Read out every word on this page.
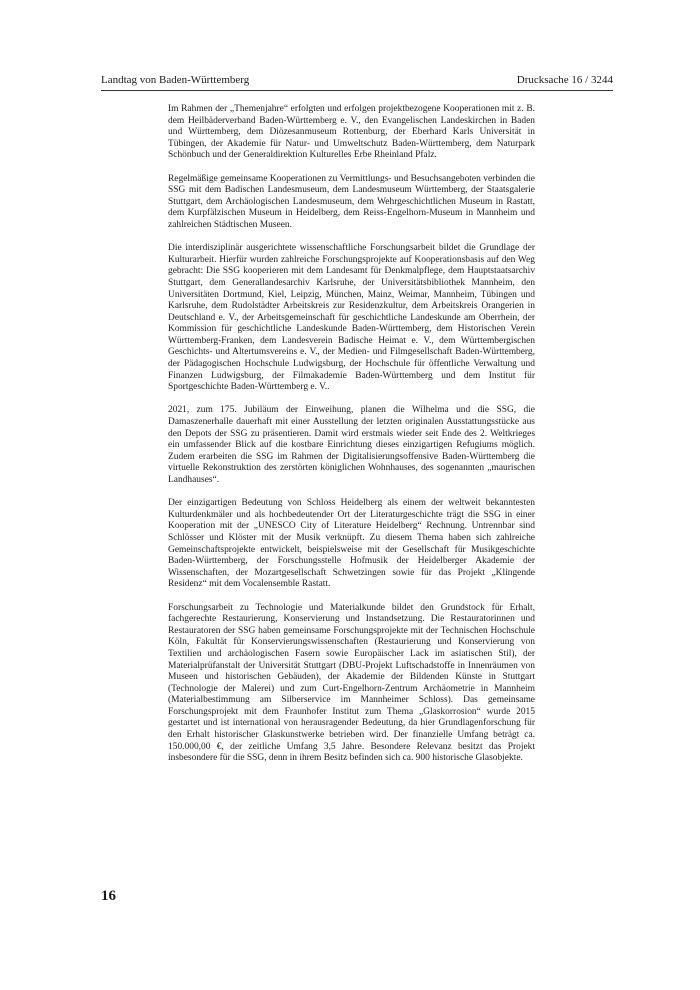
Landtag von Baden-Württemberg	Drucksache 16 / 3244

Im Rahmen der „Themenjahre“ erfolgten und erfolgen projektbezogene Kooperationen mit z. B. dem Heilbäderverband Baden-Württemberg e. V., den Evangelischen Landeskirchen in Baden und Württemberg, dem Diözesanmuseum Rottenburg, der Eberhard Karls Universität in Tübingen, der Akademie für Natur- und Umweltschutz Baden-Württemberg, dem Naturpark Schönbuch und der Generaldirektion Kulturelles Erbe Rheinland Pfalz.

Regelmäßige gemeinsame Kooperationen zu Vermittlungs- und Besuchsangeboten verbinden die SSG mit dem Badischen Landesmuseum, dem Landesmuseum Württemberg, der Staatsgalerie Stuttgart, dem Archäologischen Landesmuseum, dem Wehrgeschichtlichen Museum in Rastatt, dem Kurpfälzischen Museum in Heidelberg, dem Reiss-Engelhorn-Museum in Mannheim und zahlreichen Städtischen Museen.

Die interdisziplinär ausgerichtete wissenschaftliche Forschungsarbeit bildet die Grundlage der Kulturarbeit. Hierfür wurden zahlreiche Forschungsprojekte auf Kooperationsbasis auf den Weg gebracht: Die SSG kooperieren mit dem Landesamt für Denkmalpflege, dem Hauptstaatsarchiv Stuttgart, dem Generallandesarchiv Karlsruhe, der Universitätsbibliothek Mannheim, den Universitäten Dortmund, Kiel, Leipzig, München, Mainz, Weimar, Mannheim, Tübingen und Karlsruhe, dem Rudolstädter Arbeitskreis zur Residenzkultur, dem Arbeitskreis Orangerien in Deutschland e. V., der Arbeitsgemeinschaft für geschichtliche Landeskunde am Oberrhein, der Kommission für geschichtliche Landeskunde Baden-Württemberg, dem Historischen Verein Württemberg-Franken, dem Landesverein Badische Heimat e. V., dem Württembergischen Geschichts- und Altertumsvereins e. V., der Medien- und Filmgesellschaft Baden-Württemberg, der Pädagogischen Hochschule Ludwigsburg, der Hochschule für öffentliche Verwaltung und Finanzen Ludwigsburg, der Filmakademie Baden-Württemberg und dem Institut für Sportgeschichte Baden-Württemberg e. V..

2021, zum 175. Jubiläum der Einweihung, planen die Wilhelma und die SSG, die Damaszenerhalle dauerhaft mit einer Ausstellung der letzten originalen Ausstattungsstücke aus den Depots der SSG zu präsentieren. Damit wird erstmals wieder seit Ende des 2. Weltkrieges ein umfassender Blick auf die kostbare Einrichtung dieses einzigartigen Refugiums möglich. Zudem erarbeiten die SSG im Rahmen der Digitalisierungsoffensive Baden-Württemberg die virtuelle Rekonstruktion des zerstörten königlichen Wohnhauses, des sogenannten „maurischen Landhauses“.

Der einzigartigen Bedeutung von Schloss Heidelberg als einem der weltweit bekanntesten Kulturdenkmäler und als hochbedeutender Ort der Literaturgeschichte trägt die SSG in einer Kooperation mit der „UNESCO City of Literature Heidelberg“ Rechnung. Untrennbar sind Schlösser und Klöster mit der Musik verknüpft. Zu diesem Thema haben sich zahlreiche Gemeinschaftsprojekte entwickelt, beispielsweise mit der Gesellschaft für Musikgeschichte Baden-Württemberg, der Forschungsstelle Hofmusik der Heidelberger Akademie der Wissenschaften, der Mozartgesellschaft Schwetzingen sowie für das Projekt „Klingende Residenz“ mit dem Vocalensemble Rastatt.

Forschungsarbeit zu Technologie und Materialkunde bildet den Grundstock für Erhalt, fachgerechte Restaurierung, Konservierung und Instandsetzung. Die Restauratorinnen und Restauratoren der SSG haben gemeinsame Forschungsprojekte mit der Technischen Hochschule Köln, Fakultät für Konservierungswissenschaften (Restaurierung und Konservierung von Textilien und archäologischen Fasern sowie Europäischer Lack im asiatischen Stil), der Materialprüfanstalt der Universität Stuttgart (DBU-Projekt Luftschadstoffe in Innenräumen von Museen und historischen Gebäuden), der Akademie der Bildenden Künste in Stuttgart (Technologie der Malerei) und zum Curt-Engelhorn-Zentrum Archäometrie in Mannheim (Materialbestimmung am Silberservice im Mannheimer Schloss). Das gemeinsame Forschungsprojekt mit dem Fraunhofer Institut zum Thema „Glaskorrosion“ wurde 2015 gestartet und ist international von herausragender Bedeutung, da hier Grundlagenforschung für den Erhalt historischer Glaskunstwerke betrieben wird. Der finanzielle Umfang beträgt ca. 150.000,00 €, der zeitliche Umfang 3,5 Jahre. Besondere Relevanz besitzt das Projekt insbesondere für die SSG, denn in ihrem Besitz befinden sich ca. 900 historische Glasobjekte.

16
